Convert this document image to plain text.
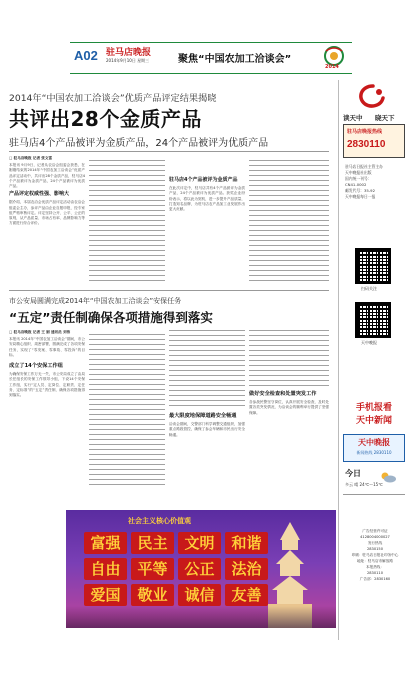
A02 驻马店晚报
2014年9月10日 星期三	聚焦“中国农加工洽谈会”
2014
2014年“中国农加工洽谈会”优质产品评定结果揭晓
共评出28个金质产品
驻马店4个产品被评为金质产品，24个产品被评为优质产品
□ 驻马店晚报 记者 张文雷
本报讯 9月9日，记者从农洽会组委会获悉，在刚刚结束的2014年“中国农加工洽谈会”优质产品评定活动中，共评出28个金质产品，驻马店4个产品被评为金质产品，24个产品被评为优质产品。
产品评定权威性强、影响大
据介绍，本届农洽会优质产品评定活动由农洽会组委会主办，参评产品由企业自愿申报，经专家组严格审核评定。评定坚持公开、公平、公正的原则，从产品质量、市场占有率、品牌影响力等方面进行综合评价。
驻马店4个产品被评为金质产品
在此次评定中，驻马店共有4个产品被评为金质产品，24个产品被评为优质产品。获奖企业纷纷表示，将以此为契机，进一步提升产品质量，打造知名品牌，为驻马店农产品加工业发展作出更大贡献。
市公安局圆满完成2014年“中国农加工洽谈会”安保任务
“五定”责任制确保各项措施得到落实
□ 驻马店晚报 记者 王 娟 通讯员 刘伟
本报讯 2014年“中国农加工洽谈会”期间，市公安局精心组织、周密部署，圆满完成了各项安保任务，实现了“零发案、零事故、零投诉”的目标。
成立了14个安保工作组
为确保安保工作万无一失，市公安局成立了由局长任组长的安保工作领导小组，下设14个安保工作组，实行“定人员、定岗位、定职责、定任务、定标准”的“五定”责任制，确保各项措施得到落实。
最大限度地保障道路安全畅通
洽谈会期间，交警部门科学调整交通组织，加强重点路段管控，确保了参会车辆和市民出行安全畅通。
做好安全检查和处置突发工作
各参战民警坚守岗位，认真开展安全检查，及时处置各类突发情况，为洽谈会的顺利举行提供了坚强保障。
社会主义核心价值观
富强	民主	文明	和谐
自由	平等	公正	法治
爱国	敬业	诚信	友善
读天中 晓天下
驻马店晚报热线
2830110
驻马店日报社主管主办
天中晚报社出版
国内统一刊号：
CN41-0002
邮发代号：35-92
天中晚报每日一报
扫码关注
天中晚报
手机报看
天中新闻
天中晚报
新闻热线 2830110
今日
多云 晴 24℃～15℃
广告经营许可证
4128004000027
发行热线
2830150
印刷：驻马店日报社印务中心
地址：驻马店市解放路
本报热线：
2830110
广告部：2830160
